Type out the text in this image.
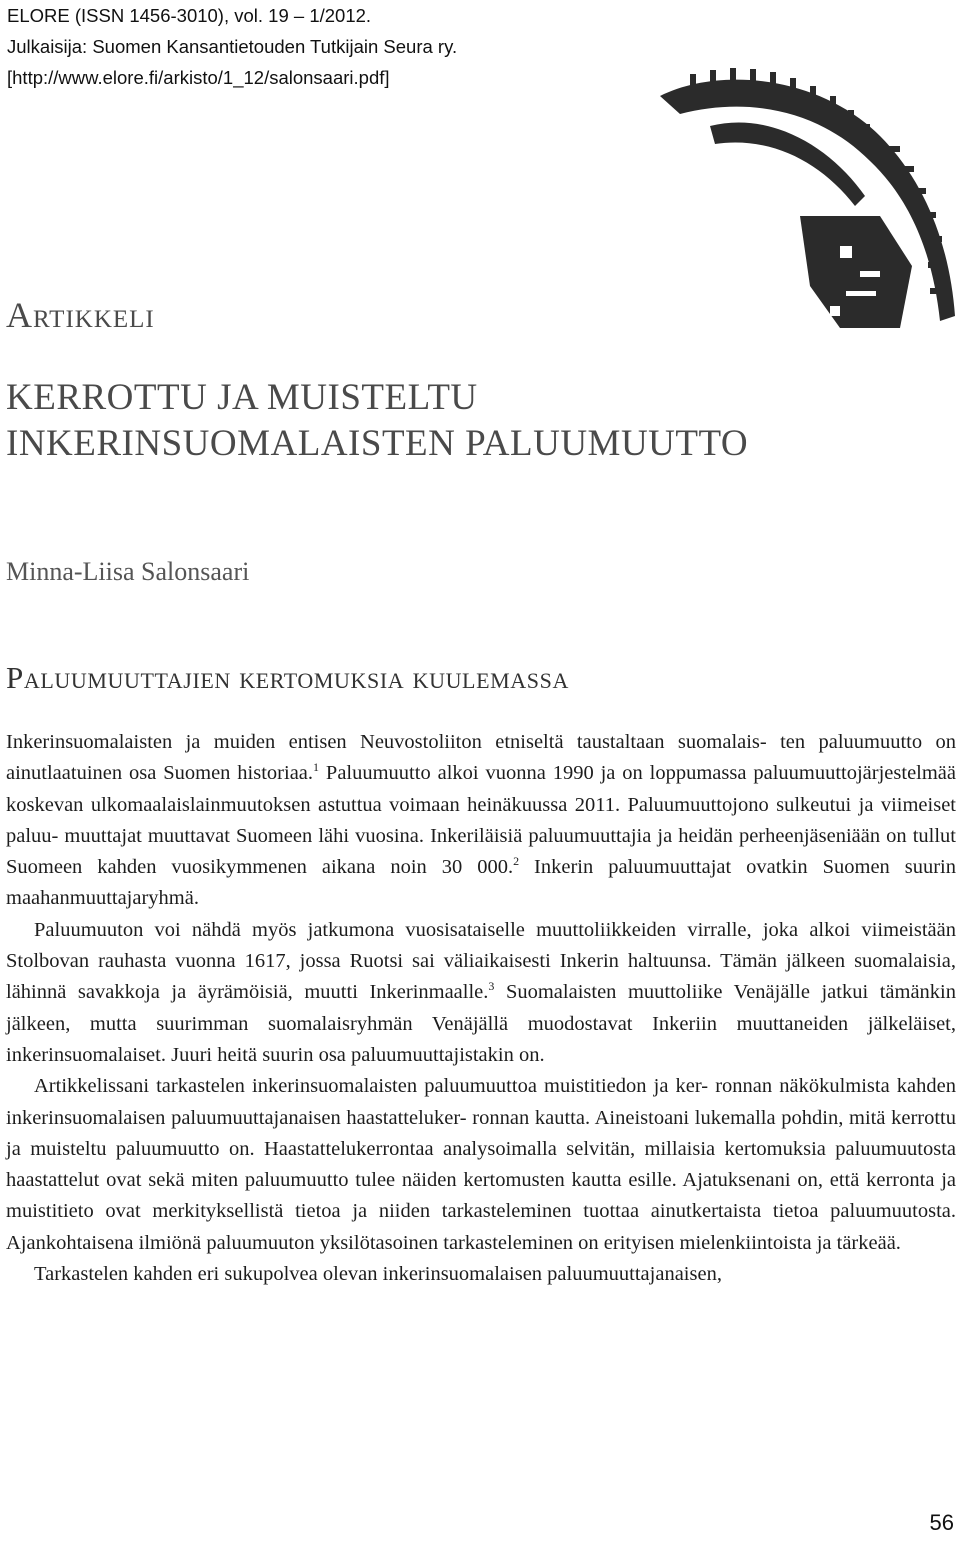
ELORE (ISSN 1456-3010), vol. 19 – 1/2012.
Julkaisija: Suomen Kansantietouden Tutkijain Seura ry.
[http://www.elore.fi/arkisto/1_12/salonsaari.pdf]
Artikkeli
KERROTTU JA MUISTELTU
INKERINSUOMALAISTEN PALUUMUUTTO
Minna-Liisa Salonsaari
Paluumuuttajien kertomuksia kuulemassa

Inkerinsuomalaisten ja muiden entisen Neuvostoliiton etniseltä taustaltaan suomalais- ten paluumuutto on ainutlaatuinen osa Suomen historiaa.$^1$ Paluumuutto alkoi vuonna 1990 ja on loppumassa paluumuuttojärjestelmää koskevan ulkomaalaislainmuutoksen astuttua voimaan heinäkuussa 2011. Paluumuuttojono sulkeutui ja viimeiset paluu- muuttajat muuttavat Suomeen lähi vuosina. Inkeriläisiä paluumuuttajia ja heidän perheenjäseniään on tullut Suomeen kahden vuosikymmenen aikana noin 30 000.$^2$ Inkerin paluumuuttajat ovatkin Suomen suurin maahanmuuttajaryhmä.

Paluumuuton voi nähdä myös jatkumona vuosisataiselle muuttoliikkeiden virralle, joka alkoi viimeistään Stolbovan rauhasta vuonna 1617, jossa Ruotsi sai väliaikaisesti Inkerin haltuunsa. Tämän jälkeen suomalaisia, lähinnä savakkoja ja äyrämöisiä, muutti Inkerinmaalle.$^3$ Suomalaisten muuttoliike Venäjälle jatkui tämänkin jälkeen, mutta suurimman suomalaisryhmän Venäjällä muodostavat Inkeriin muuttaneiden jälkeläiset, inkerinsuomalaiset. Juuri heitä suurin osa paluumuuttajistakin on.

Artikkelissani tarkastelen inkerinsuomalaisten paluumuuttoa muistitiedon ja ker- ronnan näkökulmista kahden inkerinsuomalaisen paluumuuttajanaisen haastatteluker- ronnan kautta. Aineistoani lukemalla pohdin, mitä kerrottu ja muisteltu paluumuutto on. Haastattelukerrontaa analysoimalla selvitän, millaisia kertomuksia paluumuutosta haastattelut ovat sekä miten paluumuutto tulee näiden kertomusten kautta esille. Ajatuksenani on, että kerronta ja muistitieto ovat merkityksellistä tietoa ja niiden tarkasteleminen tuottaa ainutkertaista tietoa paluumuutosta. Ajankohtaisena ilmiönä paluumuuton yksilötasoinen tarkasteleminen on erityisen mielenkiintoista ja tärkeää.

Tarkastelen kahden eri sukupolvea olevan inkerinsuomalaisen paluumuuttajanaisen,

56
